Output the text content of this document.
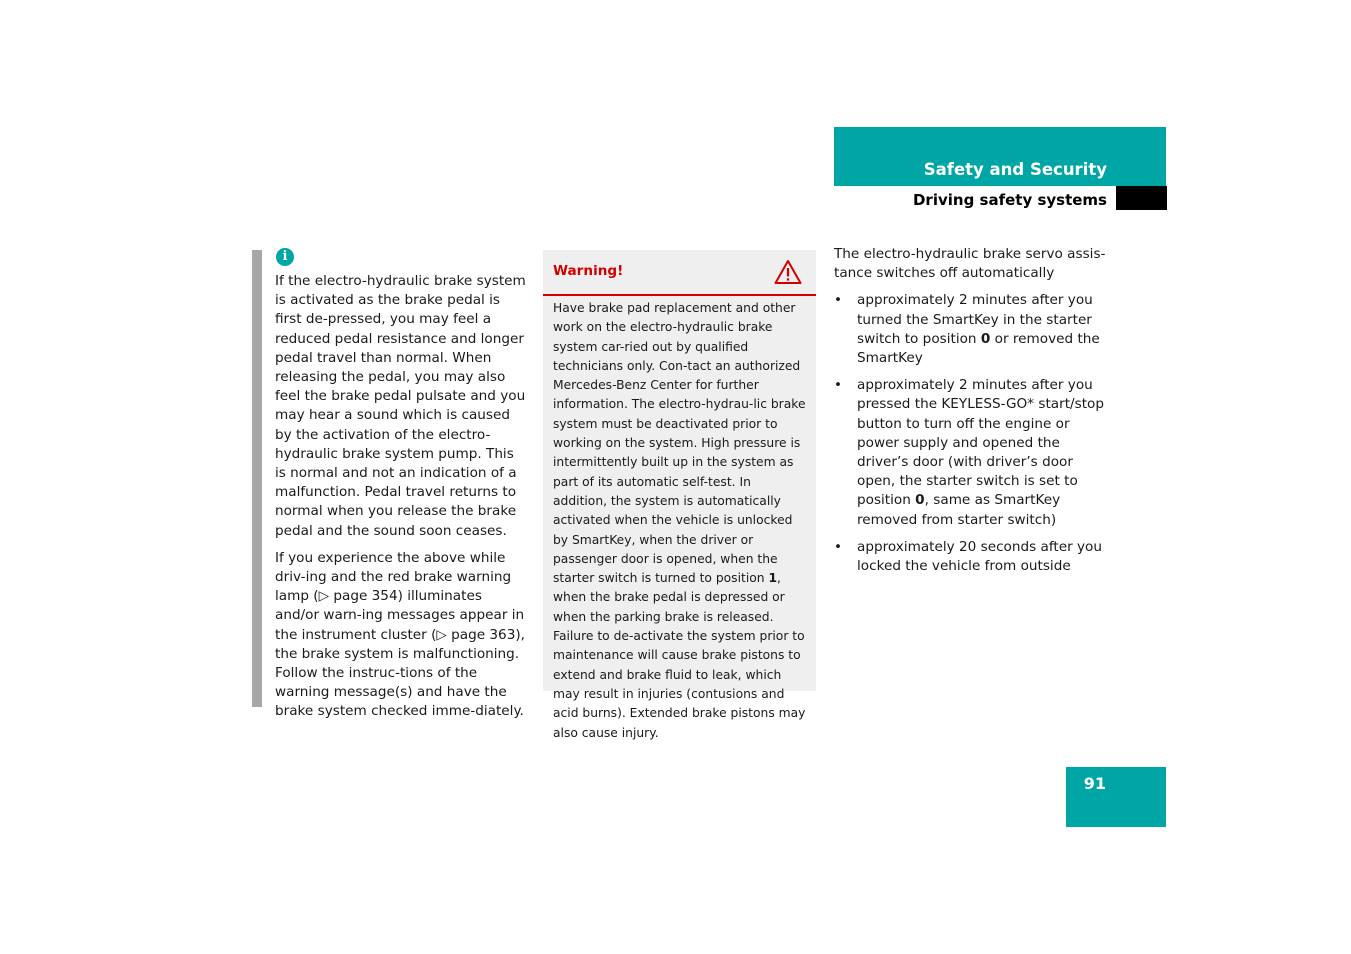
Safety and Security
Driving safety systems
i

If the electro-hydraulic brake system is activated as the brake pedal is first de-pressed, you may feel a reduced pedal resistance and longer pedal travel than normal. When releasing the pedal, you may also feel the brake pedal pulsate and you may hear a sound which is caused by the activation of the electro-hydraulic brake system pump. This is normal and not an indication of a malfunction. Pedal travel returns to normal when you release the brake pedal and the sound soon ceases.

If you experience the above while driv-ing and the red brake warning lamp (▷ page 354) illuminates and/or warn-ing messages appear in the instrument cluster (▷ page 363), the brake system is malfunctioning. Follow the instruc-tions of the warning message(s) and have the brake system checked imme-diately.

Warning!

Have brake pad replacement and other work on the electro-hydraulic brake system car-ried out by qualified technicians only. Con-tact an authorized Mercedes-Benz Center for further information. The electro-hydrau-lic brake system must be deactivated prior to working on the system. High pressure is intermittently built up in the system as part of its automatic self-test. In addition, the system is automatically activated when the vehicle is unlocked by SmartKey, when the driver or passenger door is opened, when the starter switch is turned to position 1, when the brake pedal is depressed or when the parking brake is released. Failure to de-activate the system prior to maintenance will cause brake pistons to extend and brake fluid to leak, which may result in injuries (contusions and acid burns). Extended brake pistons may also cause injury.

The electro-hydraulic brake servo assis-tance switches off automatically

• approximately 2 minutes after you turned the SmartKey in the starter switch to position 0 or removed the SmartKey
• approximately 2 minutes after you pressed the KEYLESS-GO* start/stop button to turn off the engine or power supply and opened the driver’s door (with driver’s door open, the starter switch is set to position 0, same as SmartKey removed from starter switch)
• approximately 20 seconds after you locked the vehicle from outside
91
